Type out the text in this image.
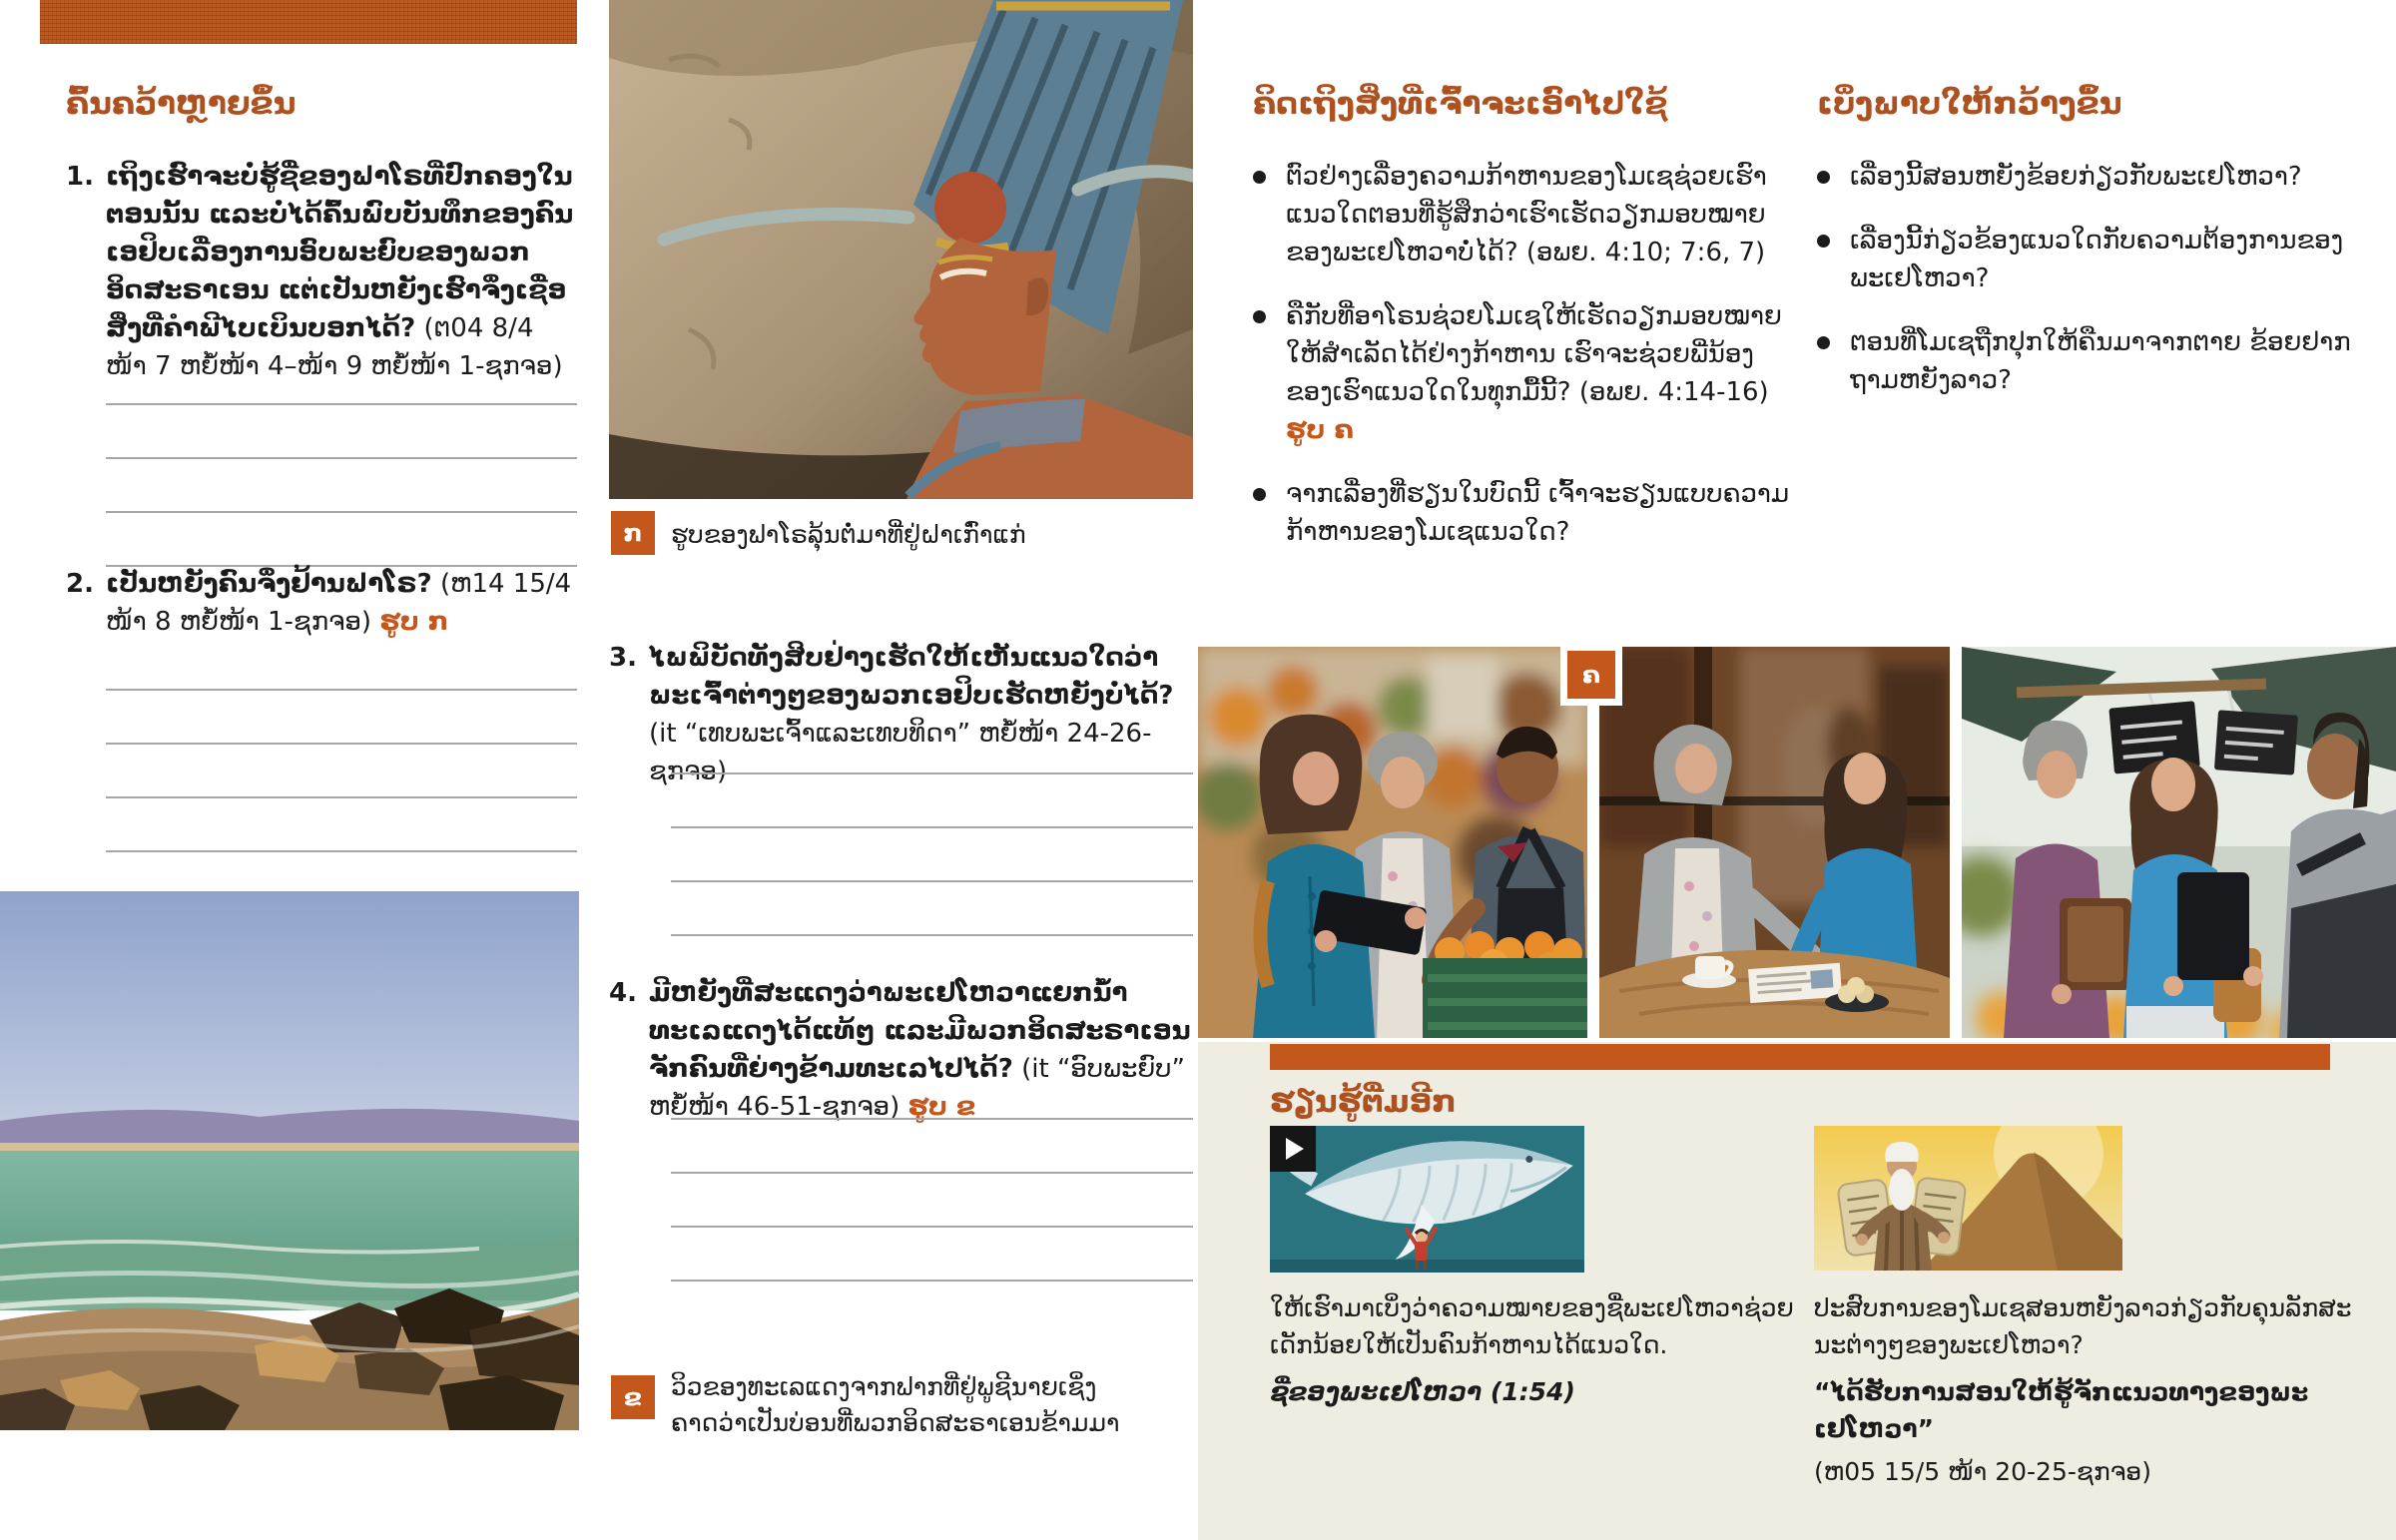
ຄົ້ນຄວ້າຫຼາຍຂຶ້ນ
1. ເຖິງເຮົາຈະບໍ່ຮູ້ຊື່ຂອງຟາໂຣທີ່ປົກຄອງໃນຕອນນັ້ນ ແລະບໍ່ໄດ້ຄົ້ນພົບບັນທຶກຂອງຄົນເອຢິບເລື່ອງການອົບພະຍົບຂອງພວກອິດສະຣາເອນ ແຕ່ເປັນຫຍັງເຮົາຈຶ່ງເຊື່ອສິ່ງທີ່ຄຳພີໄບເບິນບອກໄດ້? (ຕ04 8/4 ໜ້າ 7 ຫຍໍ້ໜ້າ 4–ໜ້າ 9 ຫຍໍ້ໜ້າ 1-ຊກຈອ)
2. ເປັນຫຍັງຄົນຈຶ່ງຢ້ານຟາໂຣ? (ຫ14 15/4 ໜ້າ 8 ຫຍໍ້ໜ້າ 1-ຊກຈອ) ຮູບ ກ
ກ	ຮູບຂອງຟາໂຣລຸ້ນຕໍ່ມາທີ່ຢູ່ຝາເກົ່າແກ່
3. ໄພພິບັດທັງສິບຢ່າງເຮັດໃຫ້ເຫັນແນວໃດວ່າພະເຈົ້າຕ່າງໆຂອງພວກເອຢິບເຮັດຫຍັງບໍ່ໄດ້? (it “ເທບພະເຈົ້າແລະເທບທິດາ” ຫຍໍ້ໜ້າ 24-26-ຊກຈອ)
4. ມີຫຍັງທີ່ສະແດງວ່າພະເຢໂຫວາແຍກນ້ຳທະເລແດງໄດ້ແທ້ໆ ແລະມີພວກອິດສະຣາເອນຈັກຄົນທີ່ຍ່າງຂ້າມທະເລໄປໄດ້? (it “ອົບພະຍົບ” ຫຍໍ້ໜ້າ 46-51-ຊກຈອ) ຮູບ ຂ
ຂ	ວິວຂອງທະເລແດງຈາກຟາກທີ່ຢູ່ພູຊີນາຍເຊິ່ງຄາດວ່າເປັນບ່ອນທີ່ພວກອິດສະຣາເອນຂ້າມມາ
ຄິດເຖິງສິ່ງທີ່ເຈົ້າຈະເອົາໄປໃຊ້
ຕົວຢ່າງເລື່ອງຄວາມກ້າຫານຂອງໂມເຊຊ່ວຍເຮົາແນວໃດຕອນທີ່ຮູ້ສຶກວ່າເຮົາເຮັດວຽກມອບໝາຍຂອງພະເຢໂຫວາບໍ່ໄດ້? (ອພຍ. 4:10; 7:6, 7)
ຄືກັບທີ່ອາໂຣນຊ່ວຍໂມເຊໃຫ້ເຮັດວຽກມອບໝາຍໃຫ້ສຳເລັດໄດ້ຢ່າງກ້າຫານ ເຮົາຈະຊ່ວຍພີ່ນ້ອງຂອງເຮົາແນວໃດໃນທຸກມື້ນີ້? (ອພຍ. 4:14-16) ຮູບ ຄ
ຈາກເລື່ອງທີ່ຮຽນໃນບົດນີ້ ເຈົ້າຈະຮຽນແບບຄວາມກ້າຫານຂອງໂມເຊແນວໃດ?
ເບິ່ງພາບໃຫ້ກວ້າງຂຶ້ນ
ເລື່ອງນີ້ສອນຫຍັງຂ້ອຍກ່ຽວກັບພະເຢໂຫວາ?
ເລື່ອງນີ້ກ່ຽວຂ້ອງແນວໃດກັບຄວາມຕ້ອງການຂອງພະເຢໂຫວາ?
ຕອນທີ່ໂມເຊຖືກປຸກໃຫ້ຄືນມາຈາກຕາຍ ຂ້ອຍຢາກຖາມຫຍັງລາວ?
ຄ
ຮຽນຮູ້ຕື່ມອີກ
ໃຫ້ເຮົາມາເບິ່ງວ່າຄວາມໝາຍຂອງຊື່ພະເຢໂຫວາຊ່ວຍເດັກນ້ອຍໃຫ້ເປັນຄົນກ້າຫານໄດ້ແນວໃດ.
ຊື່ຂອງພະເຢໂຫວາ (1:54)
ປະສົບການຂອງໂມເຊສອນຫຍັງລາວກ່ຽວກັບຄຸນລັກສະນະຕ່າງໆຂອງພະເຢໂຫວາ?
“ໄດ້ຮັບການສອນໃຫ້ຮູ້ຈັກແນວທາງຂອງພະເຢໂຫວາ”
(ຫ05 15/5 ໜ້າ 20-25-ຊກຈອ)
